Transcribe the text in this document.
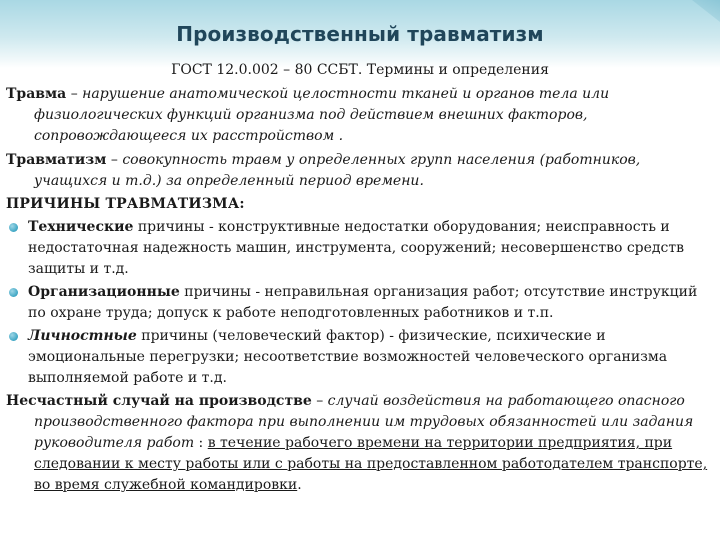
Производственный травматизм
ГОСТ 12.0.002 – 80 ССБТ. Термины и определения

Травма – нарушение анатомической целостности тканей и органов тела или физиологических функций организма под действием внешних факторов, сопровождающееся их расстройством .

Травматизм – совокупность травм у определенных групп населения (работников, учащихся и т.д.) за определенный период времени.

ПРИЧИНЫ ТРАВМАТИЗМА:
Технические причины - конструктивные недостатки оборудования; неисправность и недостаточная надежность машин, инструмента, сооружений; несовершенство средств защиты и т.д.
Организационные причины - неправильная организация работ; отсутствие инструкций по охране труда; допуск к работе неподготовленных работников и т.п.
Личностные причины (человеческий фактор) - физические, психические и эмоциональные перегрузки; несоответствие возможностей человеческого организма выполняемой работе и т.д.

Несчастный случай на производстве – случай воздействия на работающего опасного производственного фактора при выполнении им трудовых обязанностей или задания руководителя работ : в течение рабочего времени на территории предприятия, при следовании к месту работы или с работы на предоставленном работодателем транспорте, во время служебной командировки.
